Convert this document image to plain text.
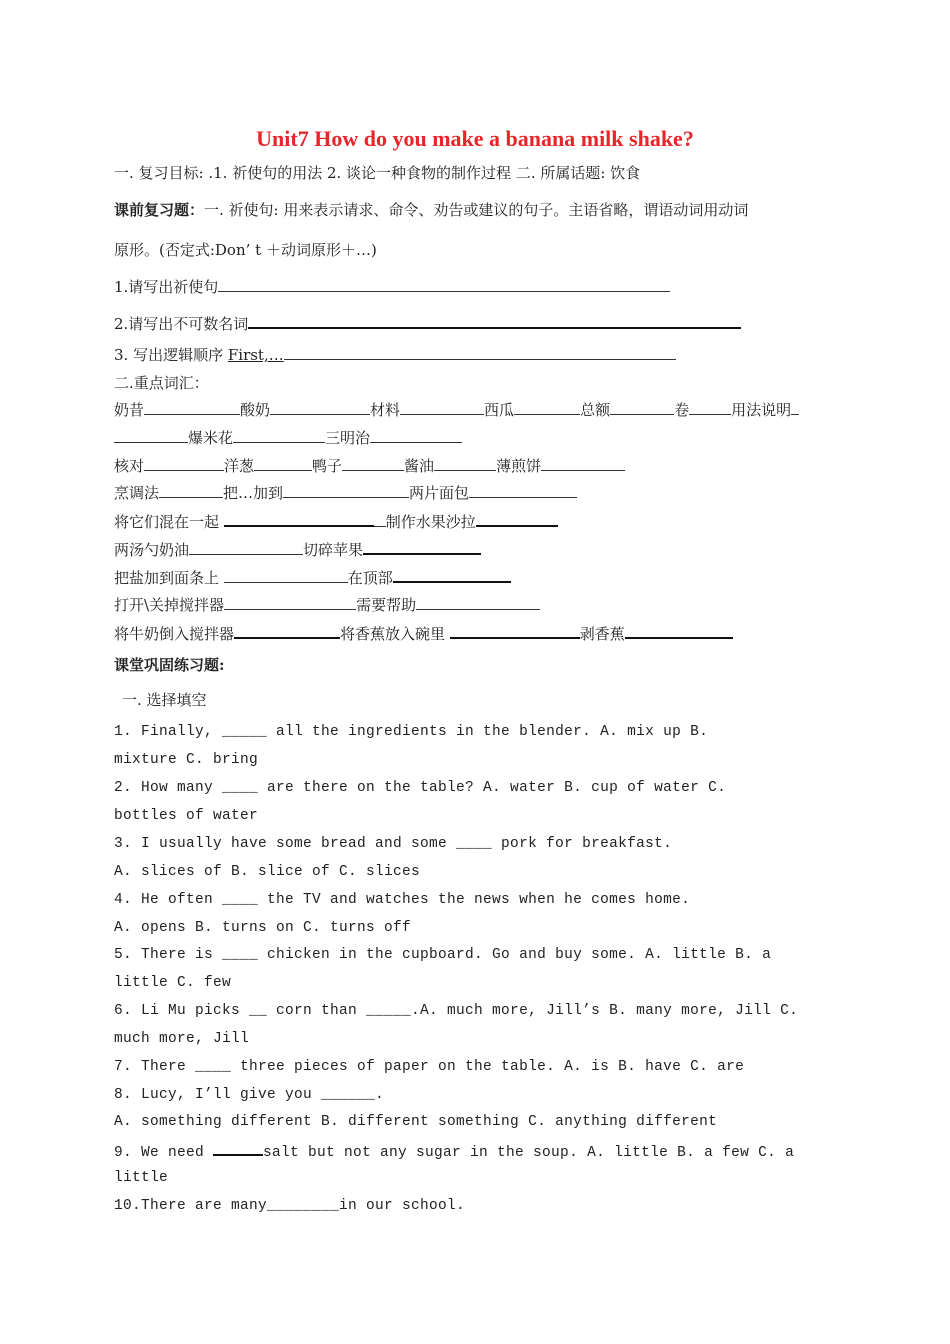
Unit7 How do you make a banana milk shake?
一. 复习目标: .1. 祈使句的用法 2. 谈论一种食物的制作过程 二. 所属话题: 饮食
课前复习题：一. 祈使句: 用来表示请求、命令、劝告或建议的句子。主语省略，谓语动词用动词
原形。(否定式:Don’ t ＋动词原形＋…)
1.请写出祈使句
2.请写出不可数名词
3. 写出逻辑顺序 First,…
二.重点词汇：
奶昔	酸奶	材料	西瓜	总额	卷	用法说明
爆米花	三明治
核对	洋葱	鸭子	酱油	薄煎饼
烹调法	把…加到	两片面包
将它们混在一起	制作水果沙拉
两汤勺奶油	切碎苹果
把盐加到面条上	在顶部
打开\关掉搅拌器	需要帮助
将牛奶倒入搅拌器	将香蕉放入碗里	剥香蕉
课堂巩固练习题:
一. 选择填空
1. Finally, _____ all the ingredients in the blender. A. mix up B.
mixture C. bring
2. How many ____ are there on the table? A. water B. cup of water C.
bottles of water
3. I usually have some bread and some ____ pork for breakfast.
A. slices of B. slice of C. slices
4. He often ____ the TV and watches the news when he comes home.
A. opens B. turns on C. turns off
5. There is ____ chicken in the cupboard. Go and buy some. A. little B. a
little C. few
6. Li Mu picks __ corn than _____.A. much more, Jill’s B. many more, Jill C.
much more, Jill
7. There ____ three pieces of paper on the table. A. is B. have C. are
8. Lucy, I’ll give you ______.
A. something different B. different something C. anything different
9. We need	salt but not any sugar in the soup. A. little B. a few C. a
little
10.There are many________in our school.
